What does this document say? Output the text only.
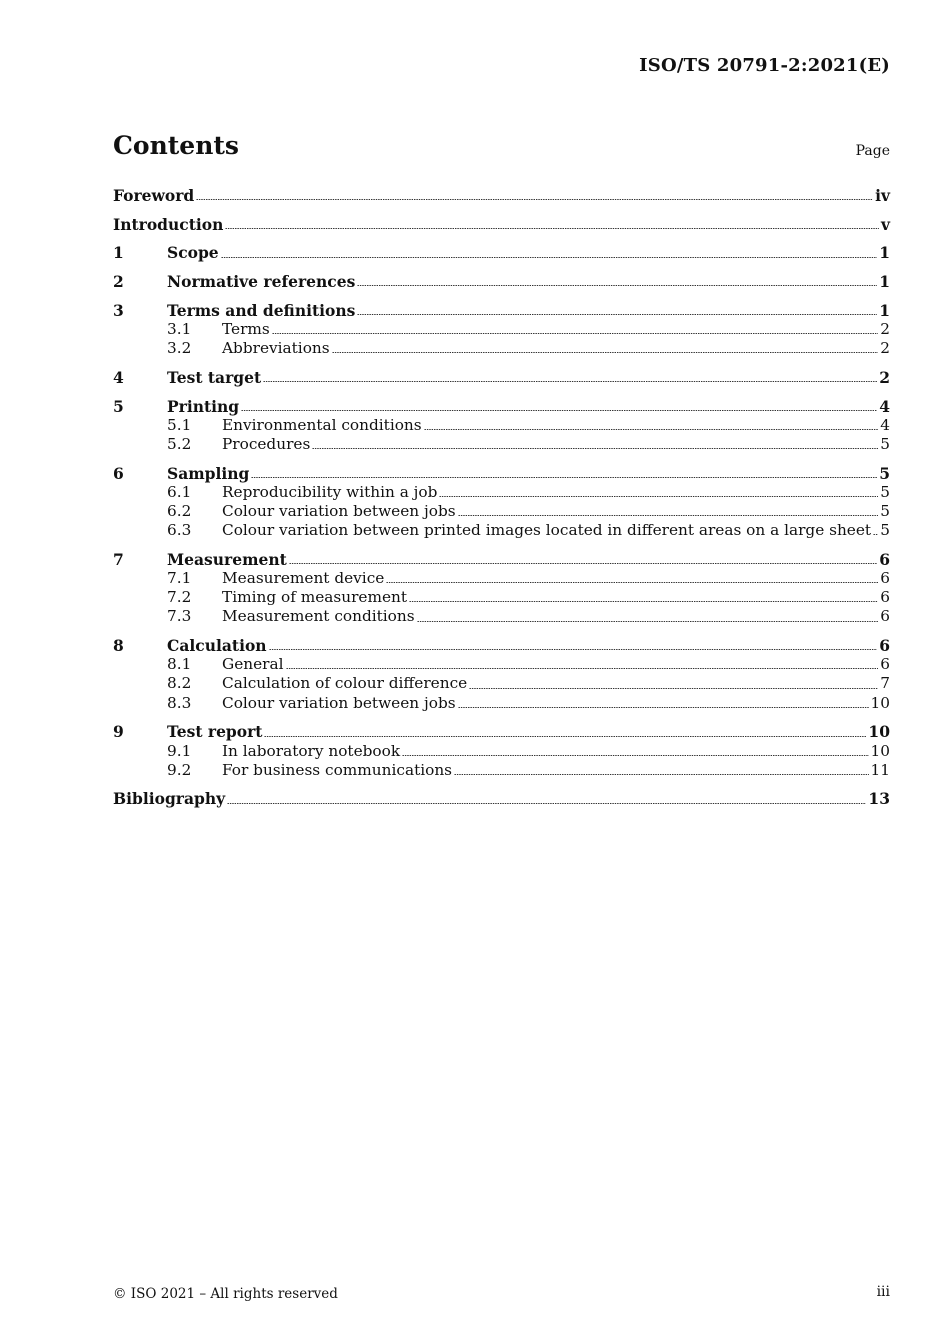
ISO/TS 20791-2:2021(E)
Contents	Page
Foreword	iv
Introduction	v
1	Scope	1
2	Normative references	1
3	Terms and definitions	1
3.1	Terms	2
3.2	Abbreviations	2
4	Test target	2
5	Printing	4
5.1	Environmental conditions	4
5.2	Procedures	5
6	Sampling	5
6.1	Reproducibility within a job	5
6.2	Colour variation between jobs	5
6.3	Colour variation between printed images located in different areas on a large sheet 5
7	Measurement	6
7.1	Measurement device	6
7.2	Timing of measurement	6
7.3	Measurement conditions	6
8	Calculation	6
8.1	General	6
8.2	Calculation of colour difference	7
8.3	Colour variation between jobs	10
9	Test report	10
9.1	In laboratory notebook	10
9.2	For business communications	11
Bibliography	13
© ISO 2021 – All rights reserved	iii
